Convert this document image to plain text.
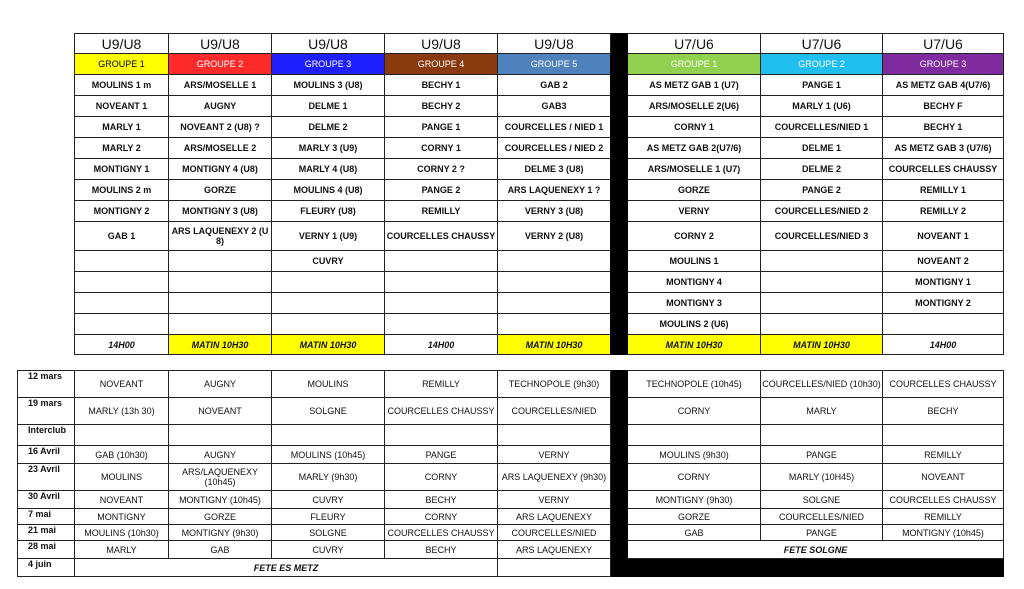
U9/U8	U9/U8	U9/U8	U9/U8	U9/U8		U7/U6	U7/U6	U7/U6
GROUPE 1	GROUPE 2	GROUPE 3	GROUPE 4	GROUPE 5		GROUPE 1	GROUPE 2	GROUPE 3
MOULINS 1 m	ARS/MOSELLE 1	MOULINS 3 (U8)	BECHY 1	GAB 2		AS METZ GAB 1 (U7)	PANGE 1	AS METZ GAB 4(U7/6)
NOVEANT 1	AUGNY	DELME 1	BECHY 2	GAB3		ARS/MOSELLE 2(U6)	MARLY 1 (U6)	BECHY F
MARLY 1	NOVEANT 2 (U8) ?	DELME 2	PANGE 1	COURCELLES / NIED 1		CORNY 1	COURCELLES/NIED 1	BECHY 1
MARLY 2	ARS/MOSELLE 2	MARLY 3 (U9)	CORNY 1	COURCELLES / NIED 2		AS METZ GAB 2(U7/6)	DELME 1	AS METZ GAB 3 (U7/6)
MONTIGNY 1	MONTIGNY 4 (U8)	MARLY 4 (U8)	CORNY 2 ?	DELME 3 (U8)		ARS/MOSELLE 1 (U7)	DELME 2	COURCELLES CHAUSSY
MOULINS 2 m	GORZE	MOULINS 4 (U8)	PANGE 2	ARS LAQUENEXY 1 ?		GORZE	PANGE 2	REMILLY 1
MONTIGNY 2	MONTIGNY 3 (U8)	FLEURY (U8)	REMILLY	VERNY 3 (U8)		VERNY	COURCELLES/NIED 2	REMILLY 2
GAB 1	ARS LAQUENEXY 2 (U 8)	VERNY 1 (U9)	COURCELLES CHAUSSY	VERNY 2 (U8)		CORNY 2	COURCELLES/NIED 3	NOVEANT 1
		CUVRY				MOULINS 1		NOVEANT 2
						MONTIGNY 4		MONTIGNY 1
						MONTIGNY 3		MONTIGNY 2
						MOULINS 2 (U6)		
14H00	MATIN 10H30	MATIN 10H30	14H00	MATIN 10H30		MATIN 10H30	MATIN 10H30	14H00
12 mars	NOVEANT	AUGNY	MOULINS	REMILLY	TECHNOPOLE (9h30)		TECHNOPOLE (10h45)	COURCELLES/NIED (10h30)	COURCELLES CHAUSSY
19 mars	MARLY (13h 30)	NOVEANT	SOLGNE	COURCELLES CHAUSSY	COURCELLES/NIED		CORNY	MARLY	BECHY
Interclub									
16 Avril	GAB (10h30)	AUGNY	MOULINS (10h45)	PANGE	VERNY		MOULINS (9h30)	PANGE	REMILLY
23 Avril	MOULINS	ARS/LAQUENEXY (10h45)	MARLY (9h30)	CORNY	ARS LAQUENEXY (9h30)		CORNY	MARLY (10H45)	NOVEANT
30 Avril	NOVEANT	MONTIGNY (10h45)	CUVRY	BECHY	VERNY		MONTIGNY (9h30)	SOLGNE	COURCELLES CHAUSSY
7 mai	MONTIGNY	GORZE	FLEURY	CORNY	ARS LAQUENEXY		GORZE	COURCELLES/NIED	REMILLY
21 mai	MOULINS (10h30)	MONTIGNY (9h30)	SOLGNE	COURCELLES CHAUSSY	COURCELLES/NIED		GAB	PANGE	MONTIGNY (10h45)
28 mai	MARLY	GAB	CUVRY	BECHY	ARS LAQUENEXY		FETE SOLGNE		
4 juin	FETE ES METZ								
